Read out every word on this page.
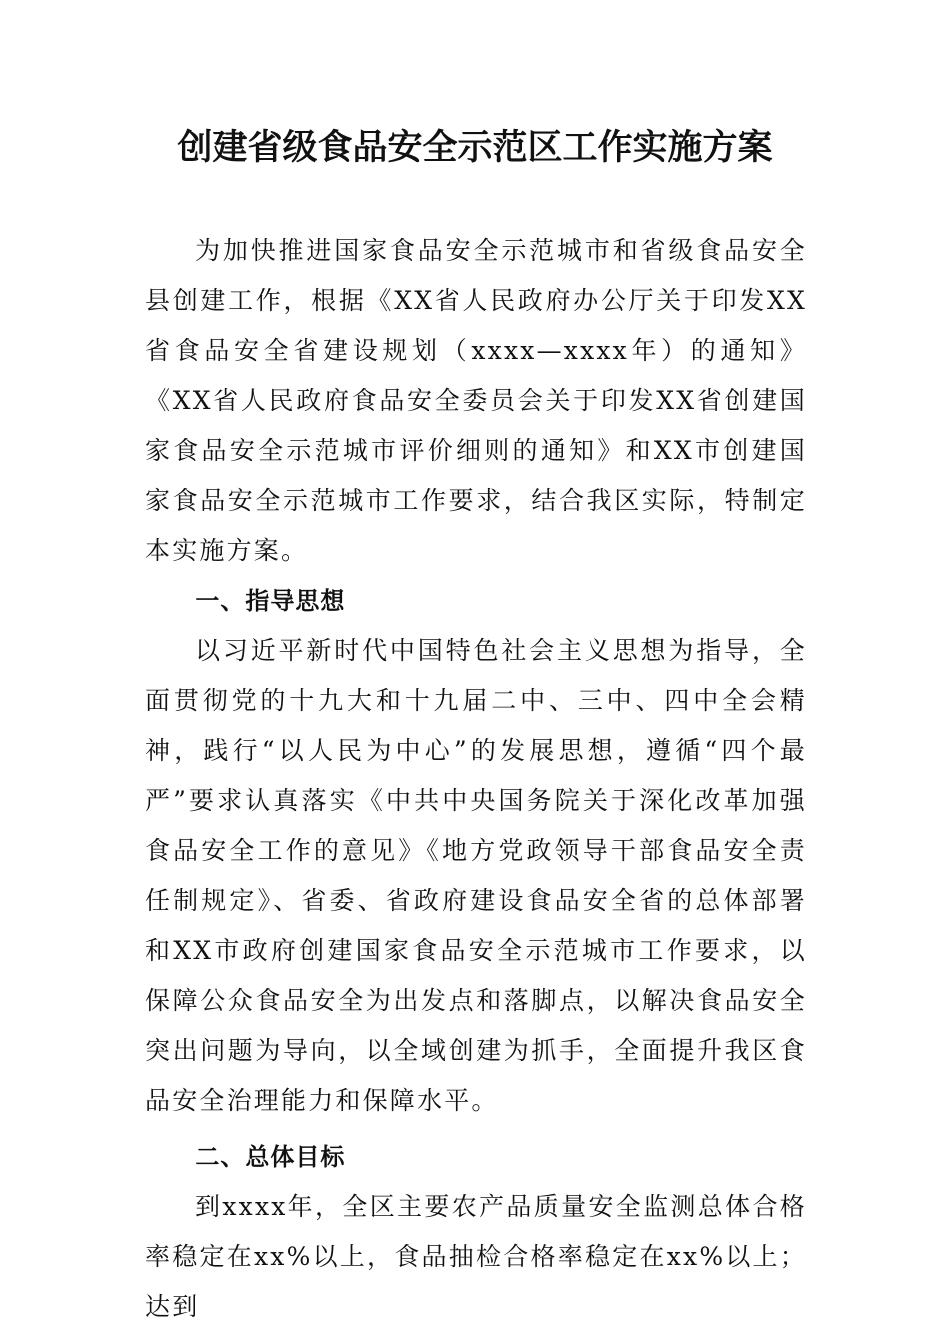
创建省级食品安全示范区工作实施方案

为加快推进国家食品安全示范城市和省级食品安全县创建工作，根据《XX省人民政府办公厅关于印发XX省食品安全省建设规划（xxxx—xxxx年）的通知》《XX省人民政府食品安全委员会关于印发XX省创建国家食品安全示范城市评价细则的通知》和XX市创建国家食品安全示范城市工作要求，结合我区实际，特制定本实施方案。

一、指导思想

以习近平新时代中国特色社会主义思想为指导，全面贯彻党的十九大和十九届二中、三中、四中全会精神，践行“以人民为中心”的发展思想，遵循“四个最严”要求认真落实《中共中央国务院关于深化改革加强食品安全工作的意见》《地方党政领导干部食品安全责任制规定》、省委、省政府建设食品安全省的总体部署和XX市政府创建国家食品安全示范城市工作要求，以保障公众食品安全为出发点和落脚点，以解决食品安全突出问题为导向，以全域创建为抓手，全面提升我区食品安全治理能力和保障水平。

二、总体目标

到xxxx年，全区主要农产品质量安全监测总体合格率稳定在xx%以上，食品抽检合格率稳定在xx%以上；达到
